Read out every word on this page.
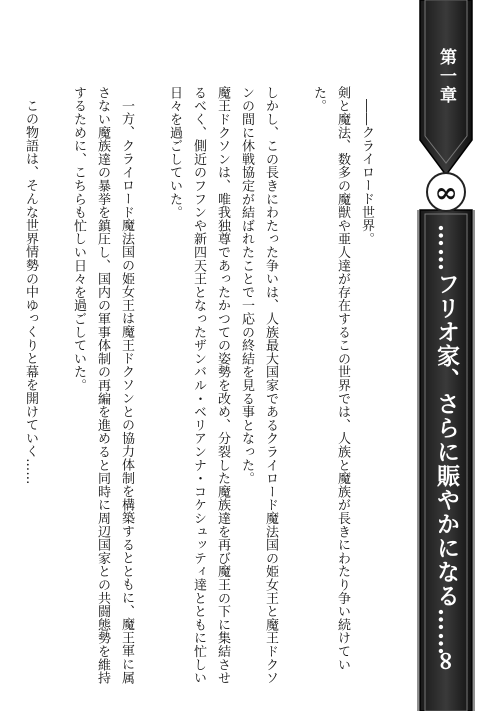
第一章
∞
……フリオ家、さらに賑やかになる……
∞

――クライロード世界。

剣と魔法、数多の魔獣や亜人達が存在するこの世界では、人族と魔族が長きにわたり争い続けていた。

しかし、この長きにわたった争いは、人族最大国家であるクライロード魔法国の姫女王と魔王ドクソンの間に休戦協定が結ばれたことで一応の終結を見る事となった。

魔王ドクソンは、唯我独尊であったかつての姿勢を改め、分裂した魔族達を再び魔王の下に集結させるべく、側近のフフンや新四天王となったザンバル・ベリアンナ・コケシュッティ達とともに忙しい日々を過ごしていた。

一方、クライロード魔法国の姫女王は魔王ドクソンとの協力体制を構築するとともに、魔王軍に属さない魔族達の暴挙を鎮圧し、国内の軍事体制の再編を進めると同時に周辺国家との共闘態勢を維持するために、こちらも忙しい日々を過ごしていた。

この物語は、そんな世界情勢の中ゆっくりと幕を開けていく……
